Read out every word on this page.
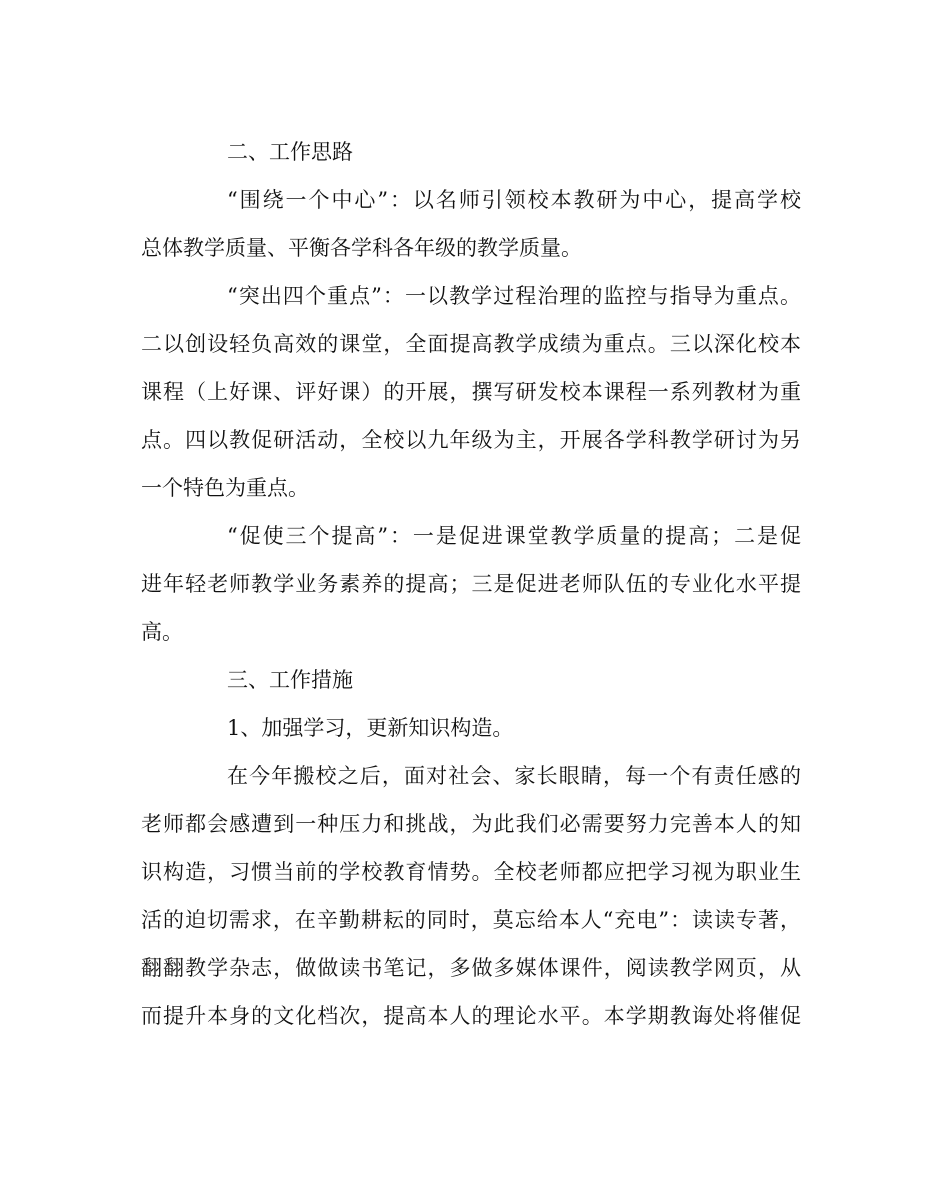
二、工作思路
“围绕一个中心”：以名师引领校本教研为中心，提高学校
总体教学质量、平衡各学科各年级的教学质量。
“突出四个重点”：一以教学过程治理的监控与指导为重点。
二以创设轻负高效的课堂，全面提高教学成绩为重点。三以深化校本
课程（上好课、评好课）的开展，撰写研发校本课程一系列教材为重
点。四以教促研活动，全校以九年级为主，开展各学科教学研讨为另
一个特色为重点。
“促使三个提高”：一是促进课堂教学质量的提高；二是促
进年轻老师教学业务素养的提高；三是促进老师队伍的专业化水平提
高。
三、工作措施
1、加强学习，更新知识构造。
在今年搬校之后，面对社会、家长眼睛，每一个有责任感的
老师都会感遭到一种压力和挑战，为此我们必需要努力完善本人的知
识构造，习惯当前的学校教育情势。全校老师都应把学习视为职业生
活的迫切需求，在辛勤耕耘的同时，莫忘给本人“充电”：读读专著，
翻翻教学杂志，做做读书笔记，多做多媒体课件，阅读教学网页，从
而提升本身的文化档次，提高本人的理论水平。本学期教诲处将催促
